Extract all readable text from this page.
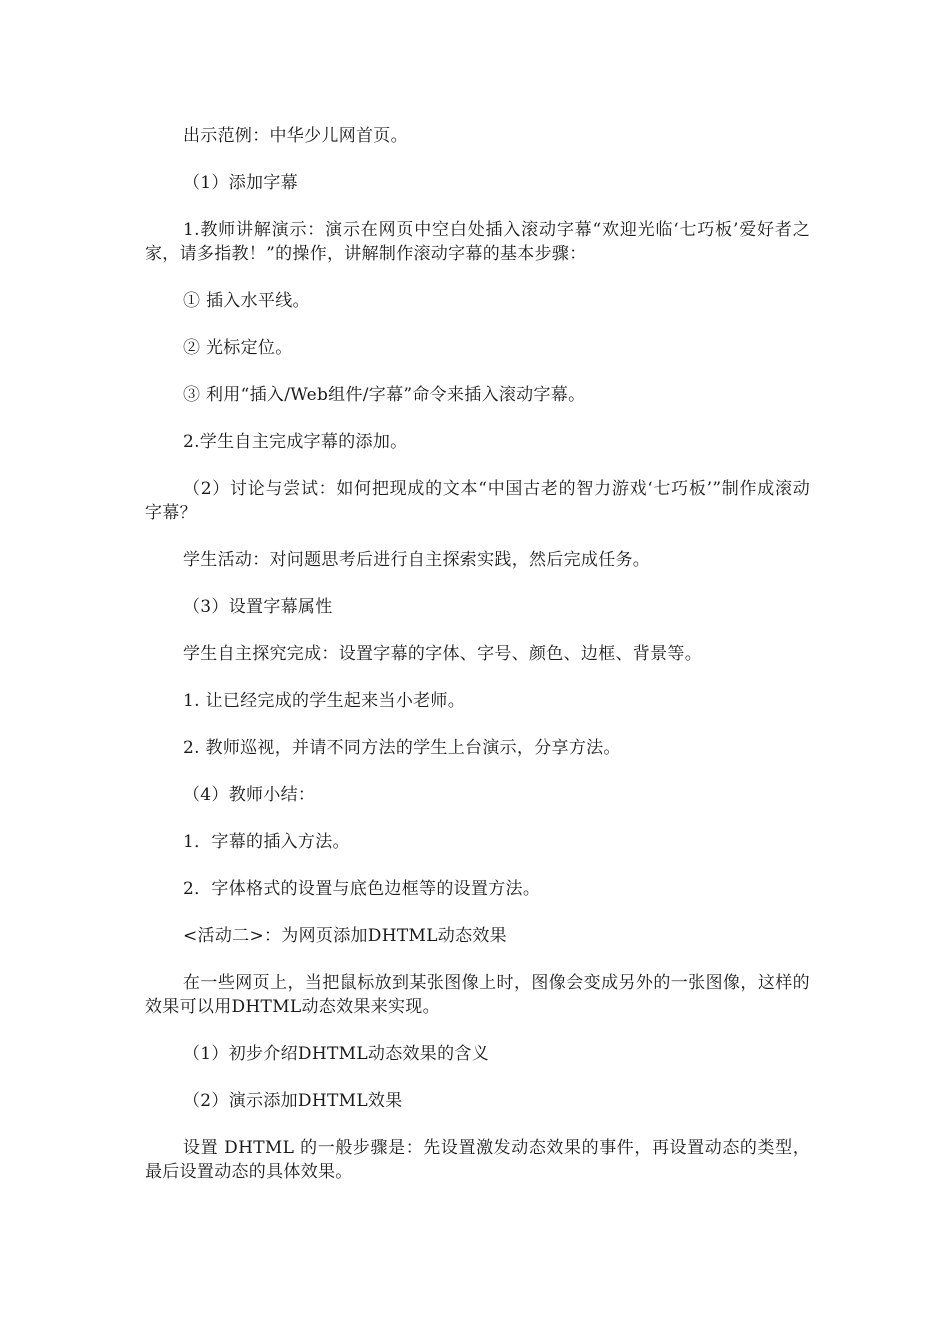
出示范例：中华少儿网首页。

（1）添加字幕

1.教师讲解演示：演示在网页中空白处插入滚动字幕“欢迎光临‘七巧板’爱好者之家，请多指教！”的操作，讲解制作滚动字幕的基本步骤：

① 插入水平线。

② 光标定位。

③ 利用“插入/Web组件/字幕”命令来插入滚动字幕。

2.学生自主完成字幕的添加。

（2）讨论与尝试：如何把现成的文本“中国古老的智力游戏‘七巧板’”制作成滚动字幕？

学生活动：对问题思考后进行自主探索实践，然后完成任务。

（3）设置字幕属性

学生自主探究完成：设置字幕的字体、字号、颜色、边框、背景等。

1. 让已经完成的学生起来当小老师。

2. 教师巡视，并请不同方法的学生上台演示，分享方法。

（4）教师小结：

1．字幕的插入方法。

2．字体格式的设置与底色边框等的设置方法。

<活动二>：为网页添加DHTML动态效果

在一些网页上，当把鼠标放到某张图像上时，图像会变成另外的一张图像，这样的效果可以用DHTML动态效果来实现。

（1）初步介绍DHTML动态效果的含义

（2）演示添加DHTML效果

设置 DHTML 的一般步骤是：先设置激发动态效果的事件，再设置动态的类型，最后设置动态的具体效果。
